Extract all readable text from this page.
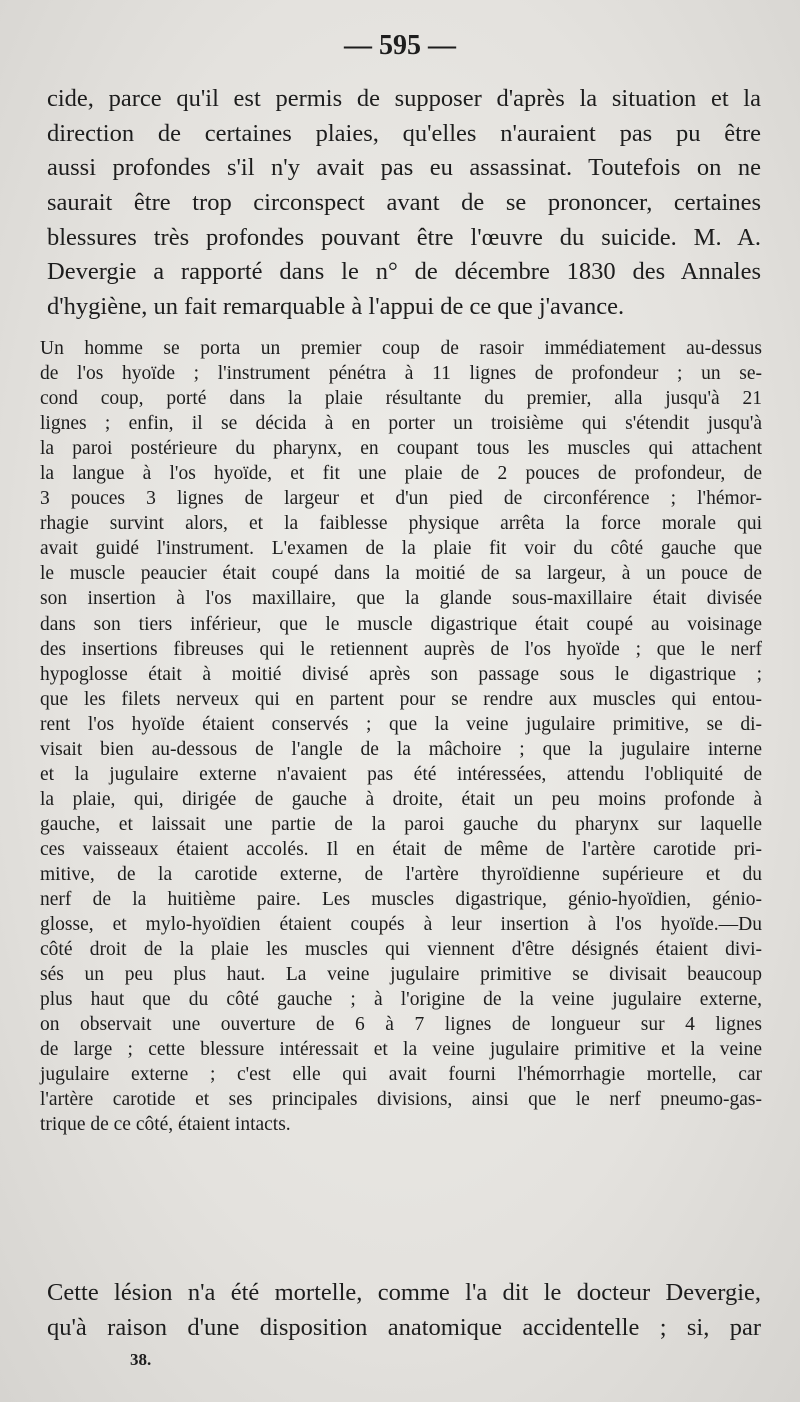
— 595 —
cide, parce qu'il est permis de supposer d'après la situation et la
direction de certaines plaies, qu'elles n'auraient pas pu être
aussi profondes s'il n'y avait pas eu assassinat. Toutefois on ne
saurait être trop circonspect avant de se prononcer, certaines
blessures très profondes pouvant être l'œuvre du suicide. M. A.
Devergie a rapporté dans le n° de décembre 1830 des Annales
d'hygiène, un fait remarquable à l'appui de ce que j'avance.
Un homme se porta un premier coup de rasoir immédiatement au-dessus
de l'os hyoïde ; l'instrument pénétra à 11 lignes de profondeur ; un se-
cond coup, porté dans la plaie résultante du premier, alla jusqu'à 21
lignes ; enfin, il se décida à en porter un troisième qui s'étendit jusqu'à
la paroi postérieure du pharynx, en coupant tous les muscles qui attachent
la langue à l'os hyoïde, et fit une plaie de 2 pouces de profondeur, de
3 pouces 3 lignes de largeur et d'un pied de circonférence ; l'hémor-
rhagie survint alors, et la faiblesse physique arrêta la force morale qui
avait guidé l'instrument. L'examen de la plaie fit voir du côté gauche que
le muscle peaucier était coupé dans la moitié de sa largeur, à un pouce de
son insertion à l'os maxillaire, que la glande sous-maxillaire était divisée
dans son tiers inférieur, que le muscle digastrique était coupé au voisinage
des insertions fibreuses qui le retiennent auprès de l'os hyoïde ; que le nerf
hypoglosse était à moitié divisé après son passage sous le digastrique ;
que les filets nerveux qui en partent pour se rendre aux muscles qui entou-
rent l'os hyoïde étaient conservés ; que la veine jugulaire primitive, se di-
visait bien au-dessous de l'angle de la mâchoire ; que la jugulaire interne
et la jugulaire externe n'avaient pas été intéressées, attendu l'obliquité de
la plaie, qui, dirigée de gauche à droite, était un peu moins profonde à
gauche, et laissait une partie de la paroi gauche du pharynx sur laquelle
ces vaisseaux étaient accolés. Il en était de même de l'artère carotide pri-
mitive, de la carotide externe, de l'artère thyroïdienne supérieure et du
nerf de la huitième paire. Les muscles digastrique, génio-hyoïdien, génio-
glosse, et mylo-hyoïdien étaient coupés à leur insertion à l'os hyoïde.—Du
côté droit de la plaie les muscles qui viennent d'être désignés étaient divi-
sés un peu plus haut. La veine jugulaire primitive se divisait beaucoup
plus haut que du côté gauche ; à l'origine de la veine jugulaire externe,
on observait une ouverture de 6 à 7 lignes de longueur sur 4 lignes
de large ; cette blessure intéressait et la veine jugulaire primitive et la veine
jugulaire externe ; c'est elle qui avait fourni l'hémorrhagie mortelle, car
l'artère carotide et ses principales divisions, ainsi que le nerf pneumo-gas-
trique de ce côté, étaient intacts.
Cette lésion n'a été mortelle, comme l'a dit le docteur Devergie,
qu'à raison d'une disposition anatomique accidentelle ; si, par
38.
